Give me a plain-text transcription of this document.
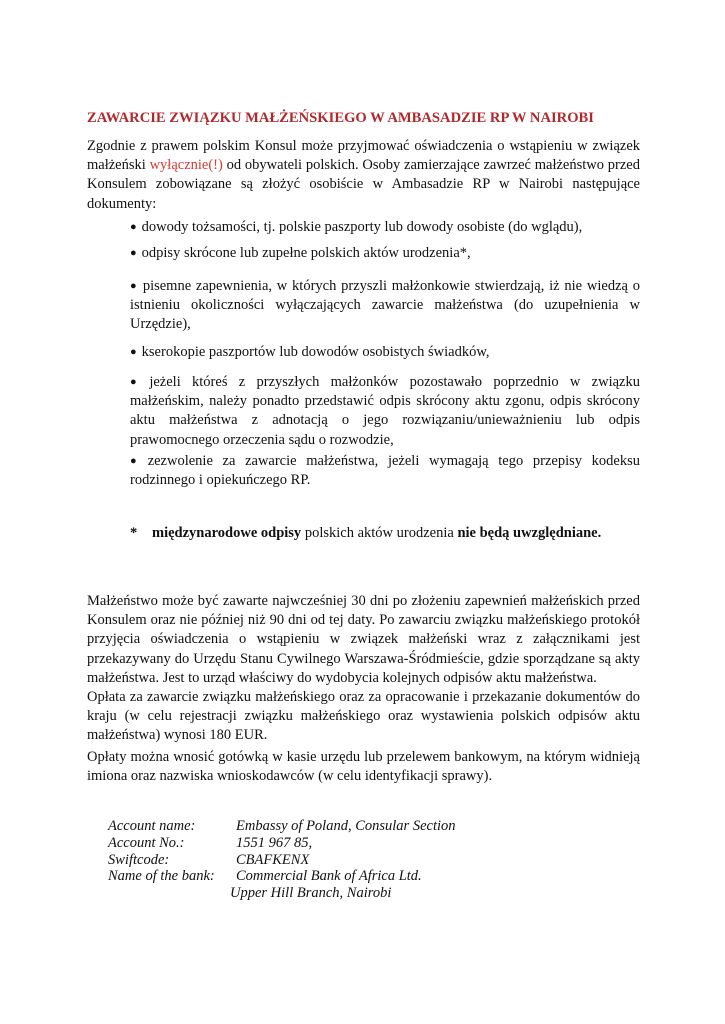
ZAWARCIE ZWIĄZKU MAŁŻEŃSKIEGO W AMBASADZIE RP W NAIROBI
Zgodnie z prawem polskim Konsul może przyjmować oświadczenia o wstąpieniu w związek małżeński wyłącznie(!) od obywateli polskich. Osoby zamierzające zawrzeć małżeństwo przed Konsulem zobowiązane są złożyć osobiście w Ambasadzie RP w Nairobi następujące dokumenty:
● dowody tożsamości, tj. polskie paszporty lub dowody osobiste (do wglądu),
● odpisy skrócone lub zupełne polskich aktów urodzenia*,
● pisemne zapewnienia, w których przyszli małżonkowie stwierdzają, iż nie wiedzą o istnieniu okoliczności wyłączających zawarcie małżeństwa (do uzupełnienia w Urzędzie),
● kserokopie paszportów lub dowodów osobistych świadków,
● jeżeli któreś z przyszłych małżonków pozostawało poprzednio w związku małżeńskim, należy ponadto przedstawić odpis skrócony aktu zgonu, odpis skrócony aktu małżeństwa z adnotacją o jego rozwiązaniu/unieważnieniu lub odpis prawomocnego orzeczenia sądu o rozwodzie,
● zezwolenie za zawarcie małżeństwa, jeżeli wymagają tego przepisy kodeksu rodzinnego i opiekuńczego RP.
* międzynarodowe odpisy polskich aktów urodzenia nie będą uwzględniane.
Małżeństwo może być zawarte najwcześniej 30 dni po złożeniu zapewnień małżeńskich przed Konsulem oraz nie później niż 90 dni od tej daty. Po zawarciu związku małżeńskiego protokół przyjęcia oświadczenia o wstąpieniu w związek małżeński wraz z załącznikami jest przekazywany do Urzędu Stanu Cywilnego Warszawa-Śródmieście, gdzie sporządzane są akty małżeństwa. Jest to urząd właściwy do wydobycia kolejnych odpisów aktu małżeństwa.
Opłata za zawarcie związku małżeńskiego oraz za opracowanie i przekazanie dokumentów do kraju (w celu rejestracji związku małżeńskiego oraz wystawienia polskich odpisów aktu małżeństwa) wynosi 180 EUR.
Opłaty można wnosić gotówką w kasie urzędu lub przelewem bankowym, na którym widnieją imiona oraz nazwiska wnioskodawców (w celu identyfikacji sprawy).
Account name:	Embassy of Poland, Consular Section
Account No.:	1551 967 85,
Swiftcode:	CBAFKENX
Name of the bank: Commercial Bank of Africa Ltd.
Upper Hill Branch, Nairobi
